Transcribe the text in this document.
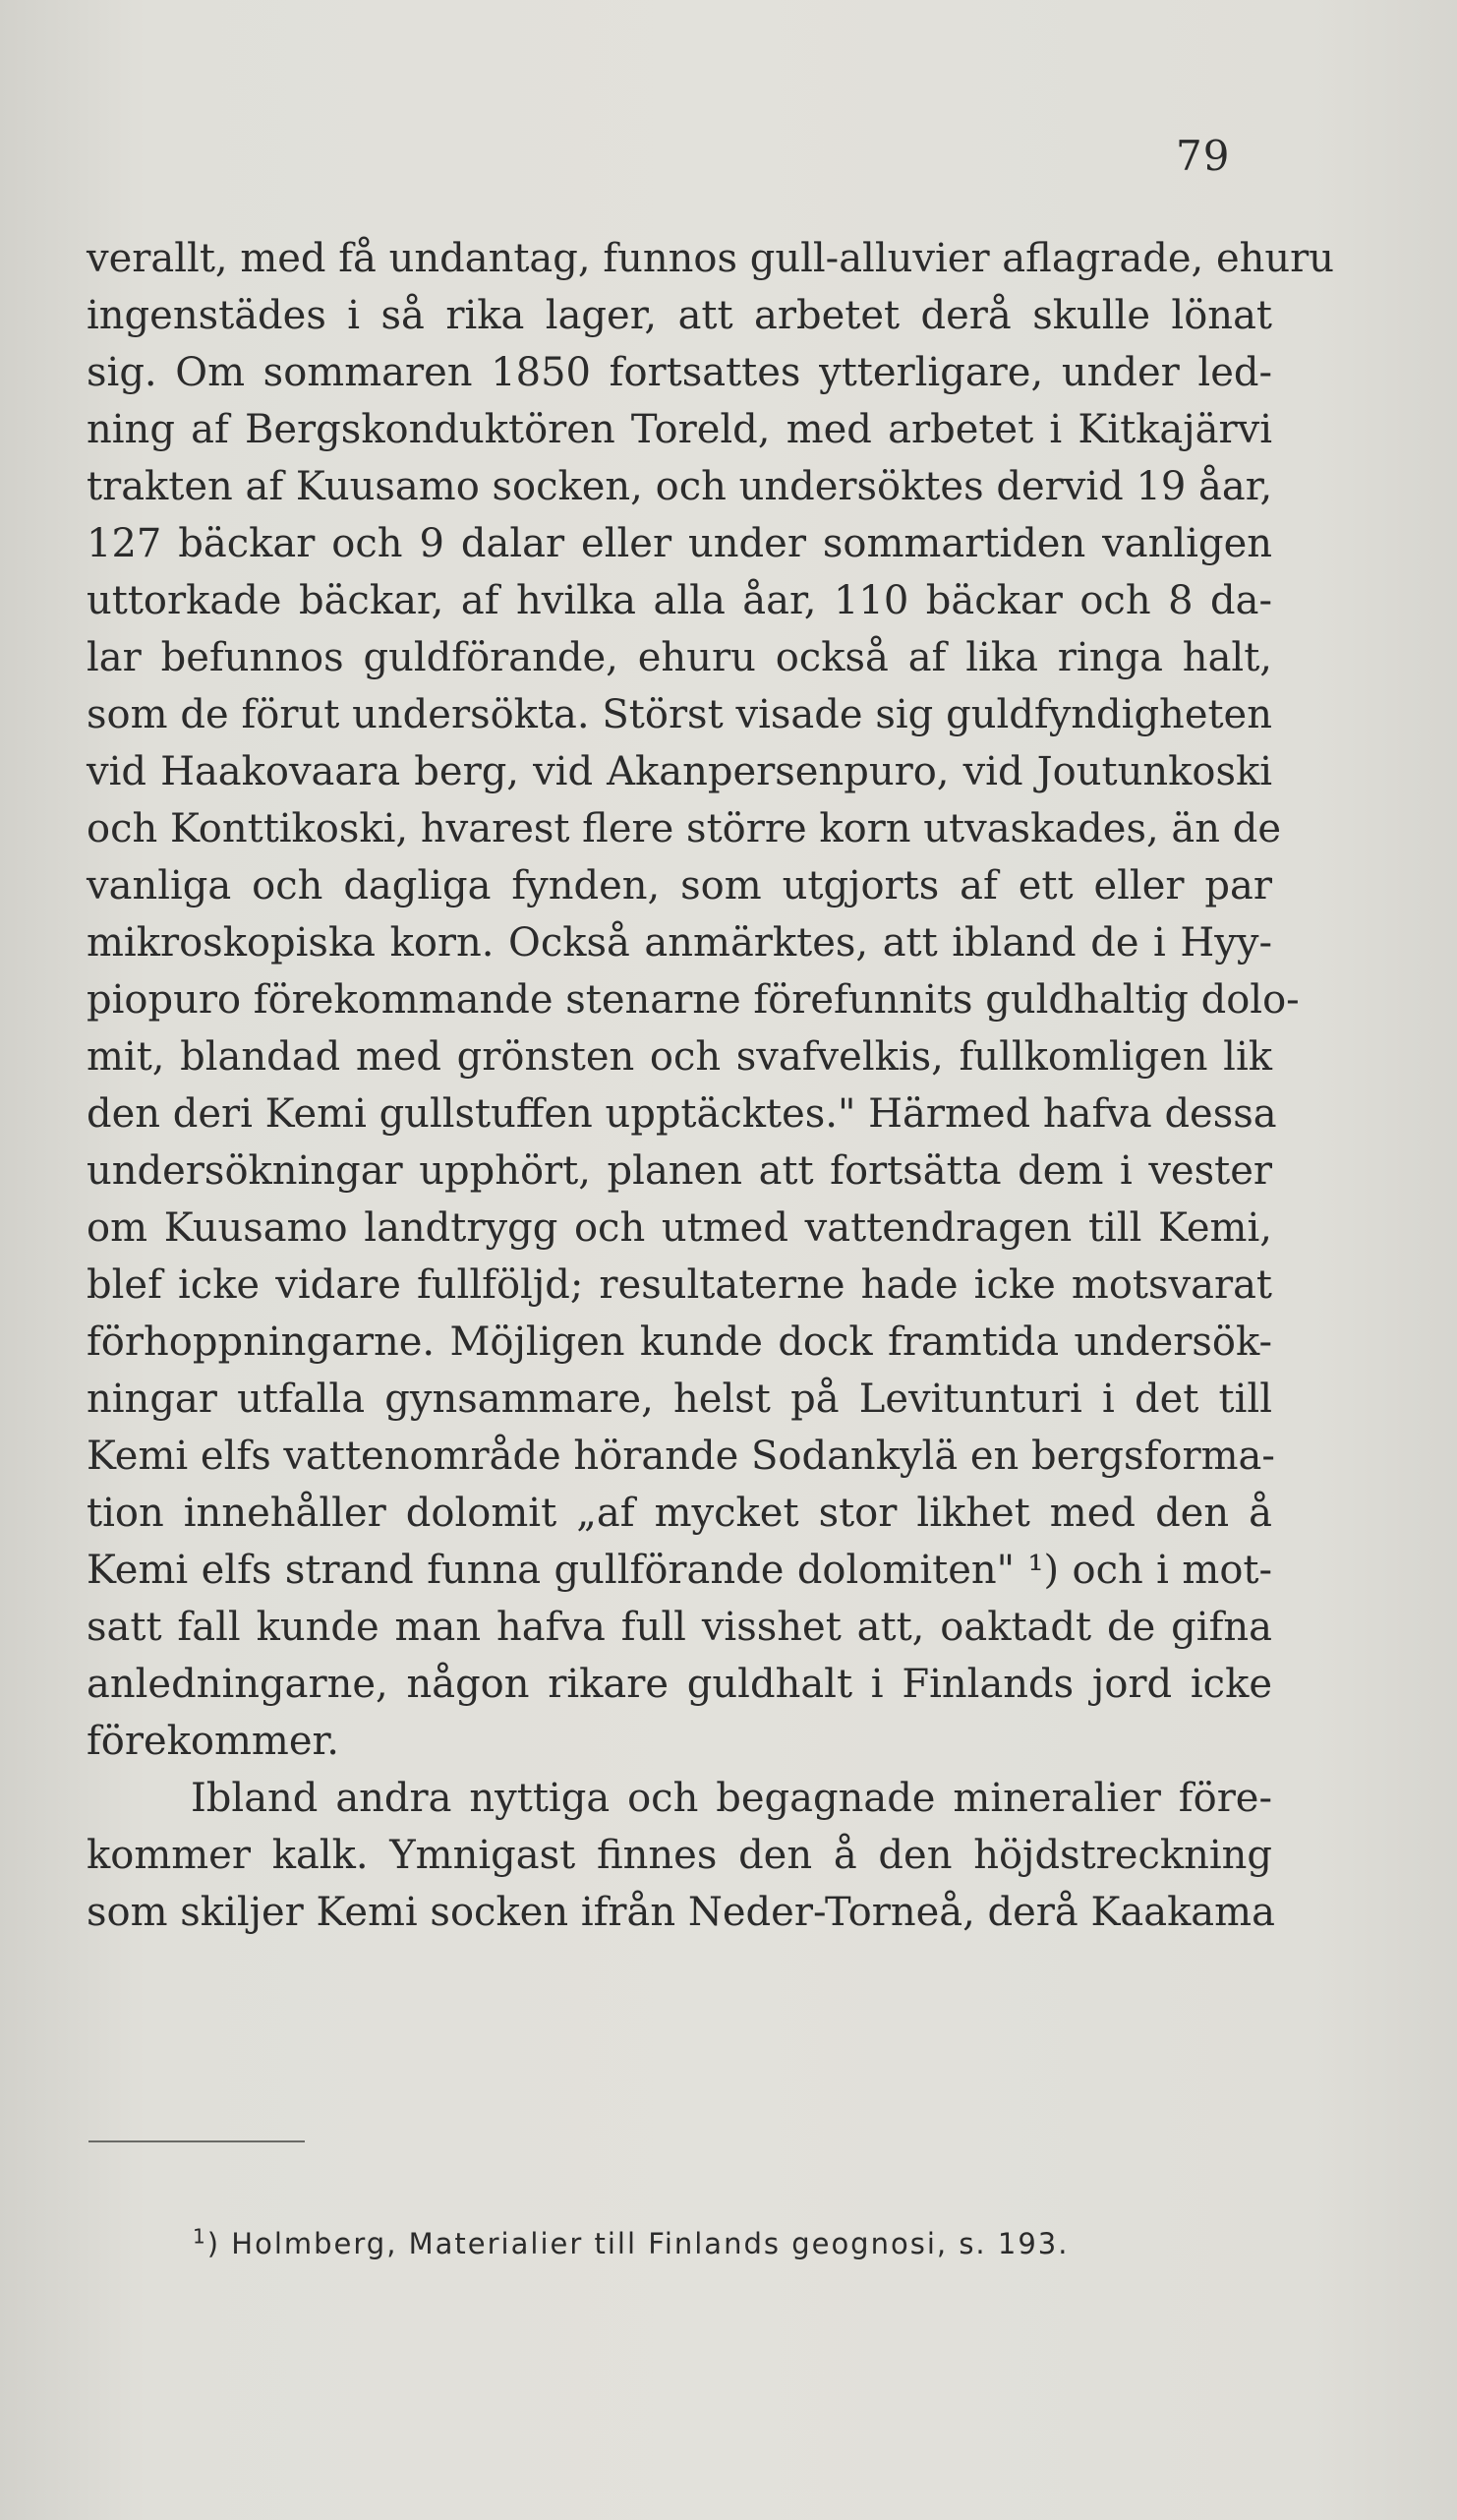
79
verallt, med få undantag, funnos gull-alluvier aflagrade, ehuru
ingenstädes i så rika lager, att arbetet derå skulle lönat
sig. Om sommaren 1850 fortsattes ytterligare, under led-
ning af Bergskonduktören Toreld, med arbetet i Kitkajärvi
trakten af Kuusamo socken, och undersöktes dervid 19 åar,
127 bäckar och 9 dalar eller under sommartiden vanligen
uttorkade bäckar, af hvilka alla åar, 110 bäckar och 8 da-
lar befunnos guldförande, ehuru också af lika ringa halt,
som de förut undersökta. Störst visade sig guldfyndigheten
vid Haakovaara berg, vid Akanpersenpuro, vid Joutunkoski
och Konttikoski, hvarest flere större korn utvaskades, än de
vanliga och dagliga fynden, som utgjorts af ett eller par
mikroskopiska korn. Också anmärktes, att ibland de i Hyy-
piopuro förekommande stenarne förefunnits guldhaltig dolo-
mit, blandad med grönsten och svafvelkis, fullkomligen lik
den deri Kemi gullstuffen upptäcktes." Härmed hafva dessa
undersökningar upphört, planen att fortsätta dem i vester
om Kuusamo landtrygg och utmed vattendragen till Kemi,
blef icke vidare fullföljd; resultaterne hade icke motsvarat
förhoppningarne. Möjligen kunde dock framtida undersök-
ningar utfalla gynsammare, helst på Levitunturi i det till
Kemi elfs vattenområde hörande Sodankylä en bergsforma-
tion innehåller dolomit „af mycket stor likhet med den å
Kemi elfs strand funna gullförande dolomiten" ¹) och i mot-
satt fall kunde man hafva full visshet att, oaktadt de gifna
anledningarne, någon rikare guldhalt i Finlands jord icke
förekommer.
Ibland andra nyttiga och begagnade mineralier före-
kommer kalk. Ymnigast finnes den å den höjdstreckning
som skiljer Kemi socken ifrån Neder-Torneå, derå Kaakama
$^1$) Holmberg, Materialier till Finlands geognosi, s. 193.
